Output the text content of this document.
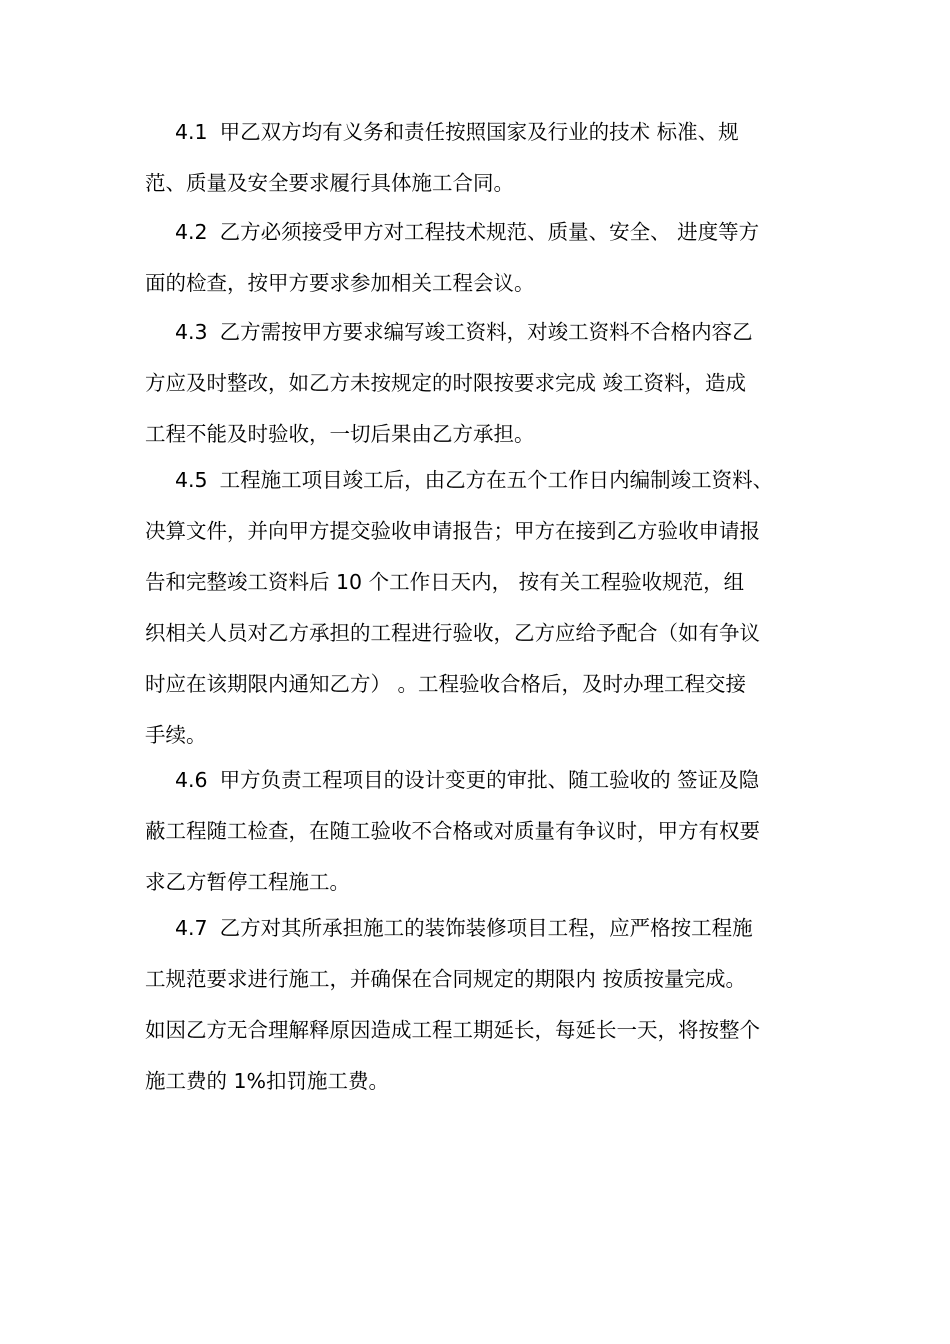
4.1 甲乙双方均有义务和责任按照国家及行业的技术 标准、规
范、质量及安全要求履行具体施工合同。
4.2 乙方必须接受甲方对工程技术规范、质量、安全、 进度等方
面的检查，按甲方要求参加相关工程会议。
4.3 乙方需按甲方要求编写竣工资料，对竣工资料不合格内容乙
方应及时整改，如乙方未按规定的时限按要求完成 竣工资料，造成
工程不能及时验收，一切后果由乙方承担。
4.5 工程施工项目竣工后，由乙方在五个工作日内编制竣工资料、
决算文件，并向甲方提交验收申请报告；甲方在接到乙方验收申请报
告和完整竣工资料后 10 个工作日天内， 按有关工程验收规范，组
织相关人员对乙方承担的工程进行验收，乙方应给予配合（如有争议
时应在该期限内通知乙方） 。工程验收合格后，及时办理工程交接
手续。
4.6 甲方负责工程项目的设计变更的审批、随工验收的 签证及隐
蔽工程随工检查，在随工验收不合格或对质量有争议时，甲方有权要
求乙方暂停工程施工。
4.7 乙方对其所承担施工的装饰装修项目工程，应严格按工程施
工规范要求进行施工，并确保在合同规定的期限内 按质按量完成。
如因乙方无合理解释原因造成工程工期延长，每延长一天，将按整个
施工费的 1%扣罚施工费。
